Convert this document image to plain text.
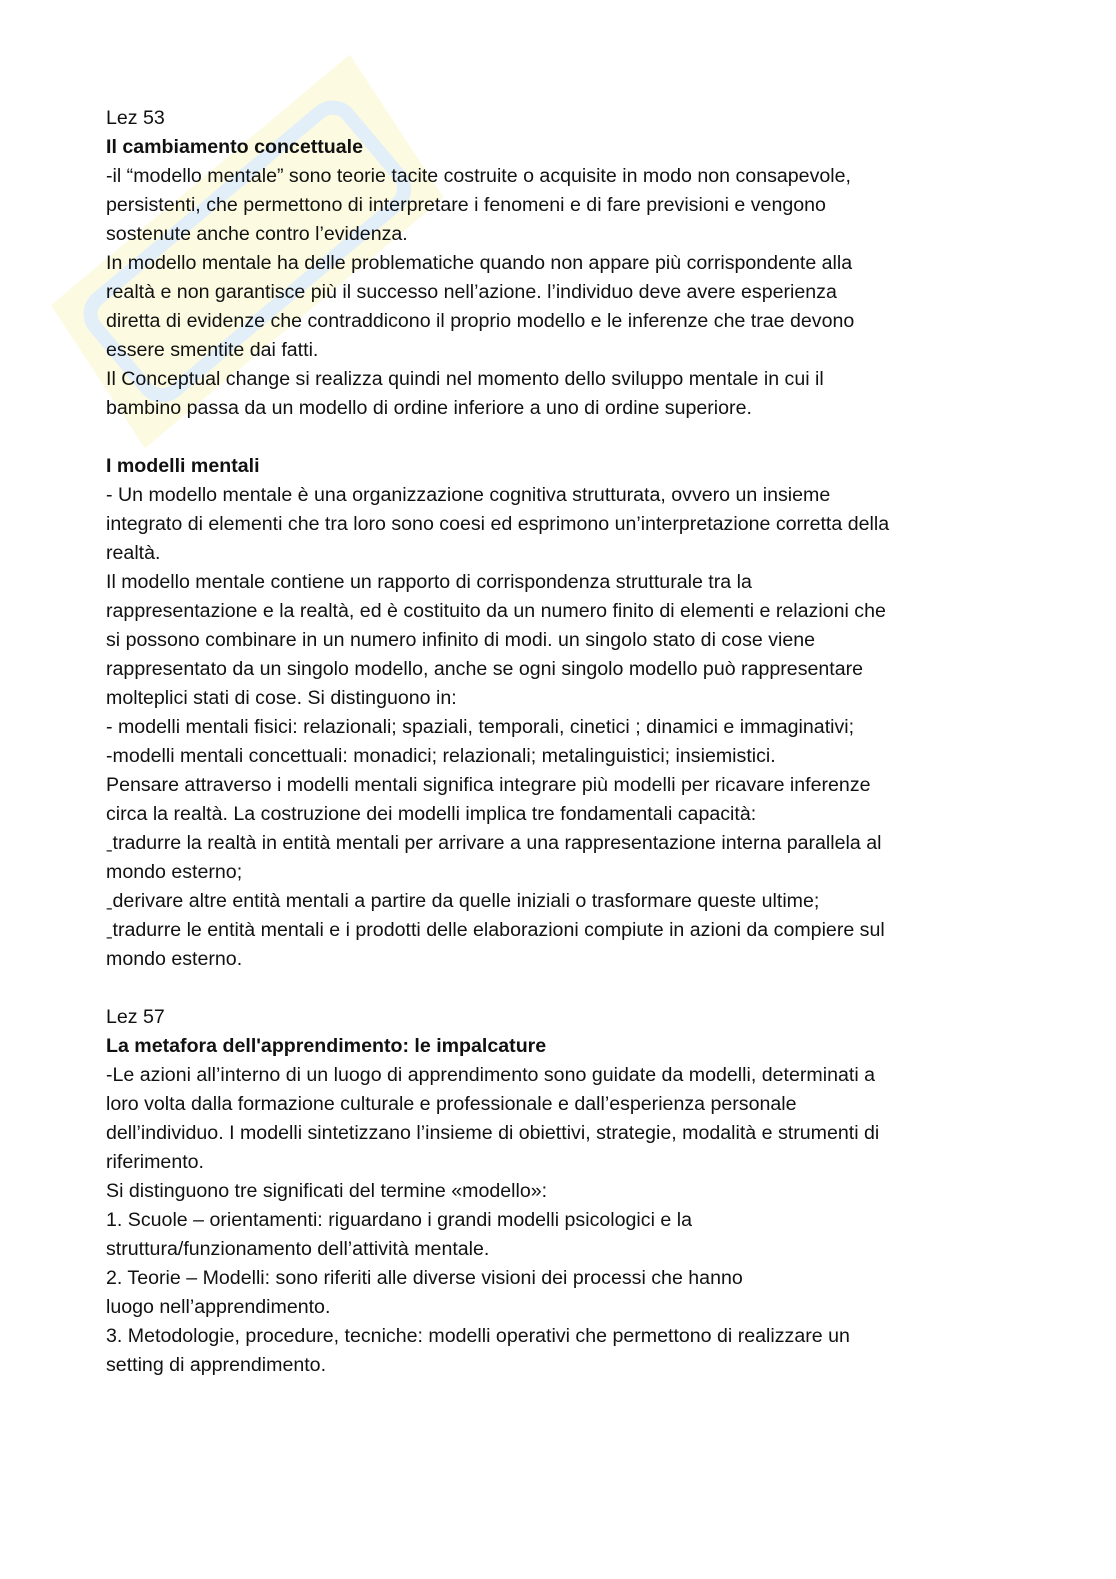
Lez 53
Il cambiamento concettuale
-il “modello mentale” sono teorie tacite costruite o acquisite in modo non consapevole,
persistenti, che permettono di interpretare i fenomeni e di fare previsioni e vengono
sostenute anche contro l’evidenza.
In modello mentale ha delle problematiche quando non appare più corrispondente alla
realtà e non garantisce più il successo nell’azione. l’individuo deve avere esperienza
diretta di evidenze che contraddicono il proprio modello e le inferenze che trae devono
essere smentite dai fatti.
Il Conceptual change si realizza quindi nel momento dello sviluppo mentale in cui il
bambino passa da un modello di ordine inferiore a uno di ordine superiore.
I modelli mentali
- Un modello mentale è una organizzazione cognitiva strutturata, ovvero un insieme
integrato di elementi che tra loro sono coesi ed esprimono un’interpretazione corretta della
realtà.
Il modello mentale contiene un rapporto di corrispondenza strutturale tra la
rappresentazione e la realtà, ed è costituito da un numero finito di elementi e relazioni che
si possono combinare in un numero infinito di modi. un singolo stato di cose viene
rappresentato da un singolo modello, anche se ogni singolo modello può rappresentare
molteplici stati di cose. Si distinguono in:
- modelli mentali fisici: relazionali; spaziali, temporali, cinetici ; dinamici e immaginativi;
-modelli mentali concettuali: monadici; relazionali; metalinguistici; insiemistici.
Pensare attraverso i modelli mentali significa integrare più modelli per ricavare inferenze
circa la realtà. La costruzione dei modelli implica tre fondamentali capacità:
ˍtradurre la realtà in entità mentali per arrivare a una rappresentazione interna parallela al
mondo esterno;
ˍderivare altre entità mentali a partire da quelle iniziali o trasformare queste ultime;
ˍtradurre le entità mentali e i prodotti delle elaborazioni compiute in azioni da compiere sul
mondo esterno.
Lez 57
La metafora dell'apprendimento: le impalcature
-Le azioni all’interno di un luogo di apprendimento sono guidate da modelli, determinati a
loro volta dalla formazione culturale e professionale e dall’esperienza personale
dell’individuo. I modelli sintetizzano l’insieme di obiettivi, strategie, modalità e strumenti di
riferimento.
Si distinguono tre significati del termine «modello»:
1. Scuole – orientamenti: riguardano i grandi modelli psicologici e la
struttura/funzionamento dell’attività mentale.
2. Teorie – Modelli: sono riferiti alle diverse visioni dei processi che hanno
luogo nell’apprendimento.
3. Metodologie, procedure, tecniche: modelli operativi che permettono di realizzare un
setting di apprendimento.
